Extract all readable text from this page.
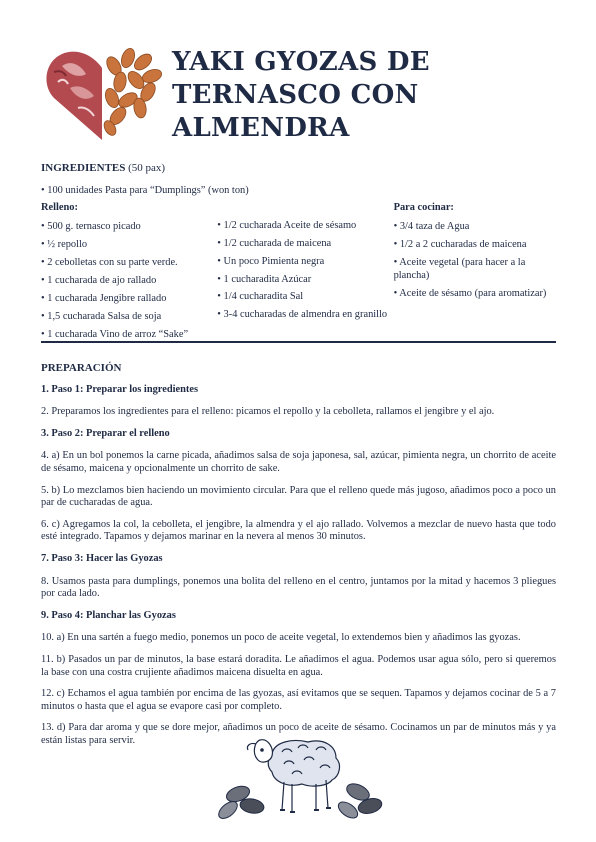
YAKI GYOZAS DE
TERNASCO CON
ALMENDRA
INGREDIENTES (50 pax)
• 100 unidades Pasta para “Dumplings” (won ton)
Relleno:
• 500 g. ternasco picado
• ½ repollo
• 2 cebolletas con su parte verde.
• 1 cucharada de ajo rallado
• 1 cucharada Jengibre rallado
• 1,5 cucharada Salsa de soja
• 1 cucharada Vino de arroz “Sake”
• 1/2 cucharada Aceite de sésamo
• 1/2 cucharada de maicena
• Un poco Pimienta negra
• 1 cucharadita Azúcar
• 1/4 cucharadita Sal
• 3-4 cucharadas de almendra en granillo
Para cocinar:
• 3/4 taza de Agua
• 1/2 a 2 cucharadas de maicena
• Aceite vegetal (para hacer a la plancha)
• Aceite de sésamo (para aromatizar)
PREPARACIÓN
1. Paso 1: Preparar los ingredientes
2. Preparamos los ingredientes para el relleno: picamos el repollo y la cebolleta, rallamos el jengibre y el ajo.
3. Paso 2: Preparar el relleno
4. a) En un bol ponemos la carne picada, añadimos salsa de soja japonesa, sal, azúcar, pimienta negra, un chorrito de aceite de sésamo, maicena y opcionalmente un chorrito de sake.
5. b) Lo mezclamos bien haciendo un movimiento circular. Para que el relleno quede más jugoso, añadimos poco a poco un par de cucharadas de agua.
6. c) Agregamos la col, la cebolleta, el jengibre, la almendra y el ajo rallado. Volvemos a mezclar de nuevo hasta que todo esté integrado. Tapamos y dejamos marinar en la nevera al menos 30 minutos.
7. Paso 3: Hacer las Gyozas
8. Usamos pasta para dumplings, ponemos una bolita del relleno en el centro, juntamos por la mitad y hacemos 3 pliegues por cada lado.
9. Paso 4: Planchar las Gyozas
10. a) En una sartén a fuego medio, ponemos un poco de aceite vegetal, lo extendemos bien y añadimos las gyozas.
11. b) Pasados un par de minutos, la base estará doradita. Le añadimos el agua. Podemos usar agua sólo, pero si queremos la base con una costra crujiente añadimos maicena disuelta en agua.
12. c) Echamos el agua también por encima de las gyozas, así evitamos que se sequen. Tapamos y dejamos cocinar de 5 a 7 minutos o hasta que el agua se evapore casi por completo.
13. d) Para dar aroma y que se dore mejor, añadimos un poco de aceite de sésamo. Cocinamos un par de minutos más y ya están listas para servir.
